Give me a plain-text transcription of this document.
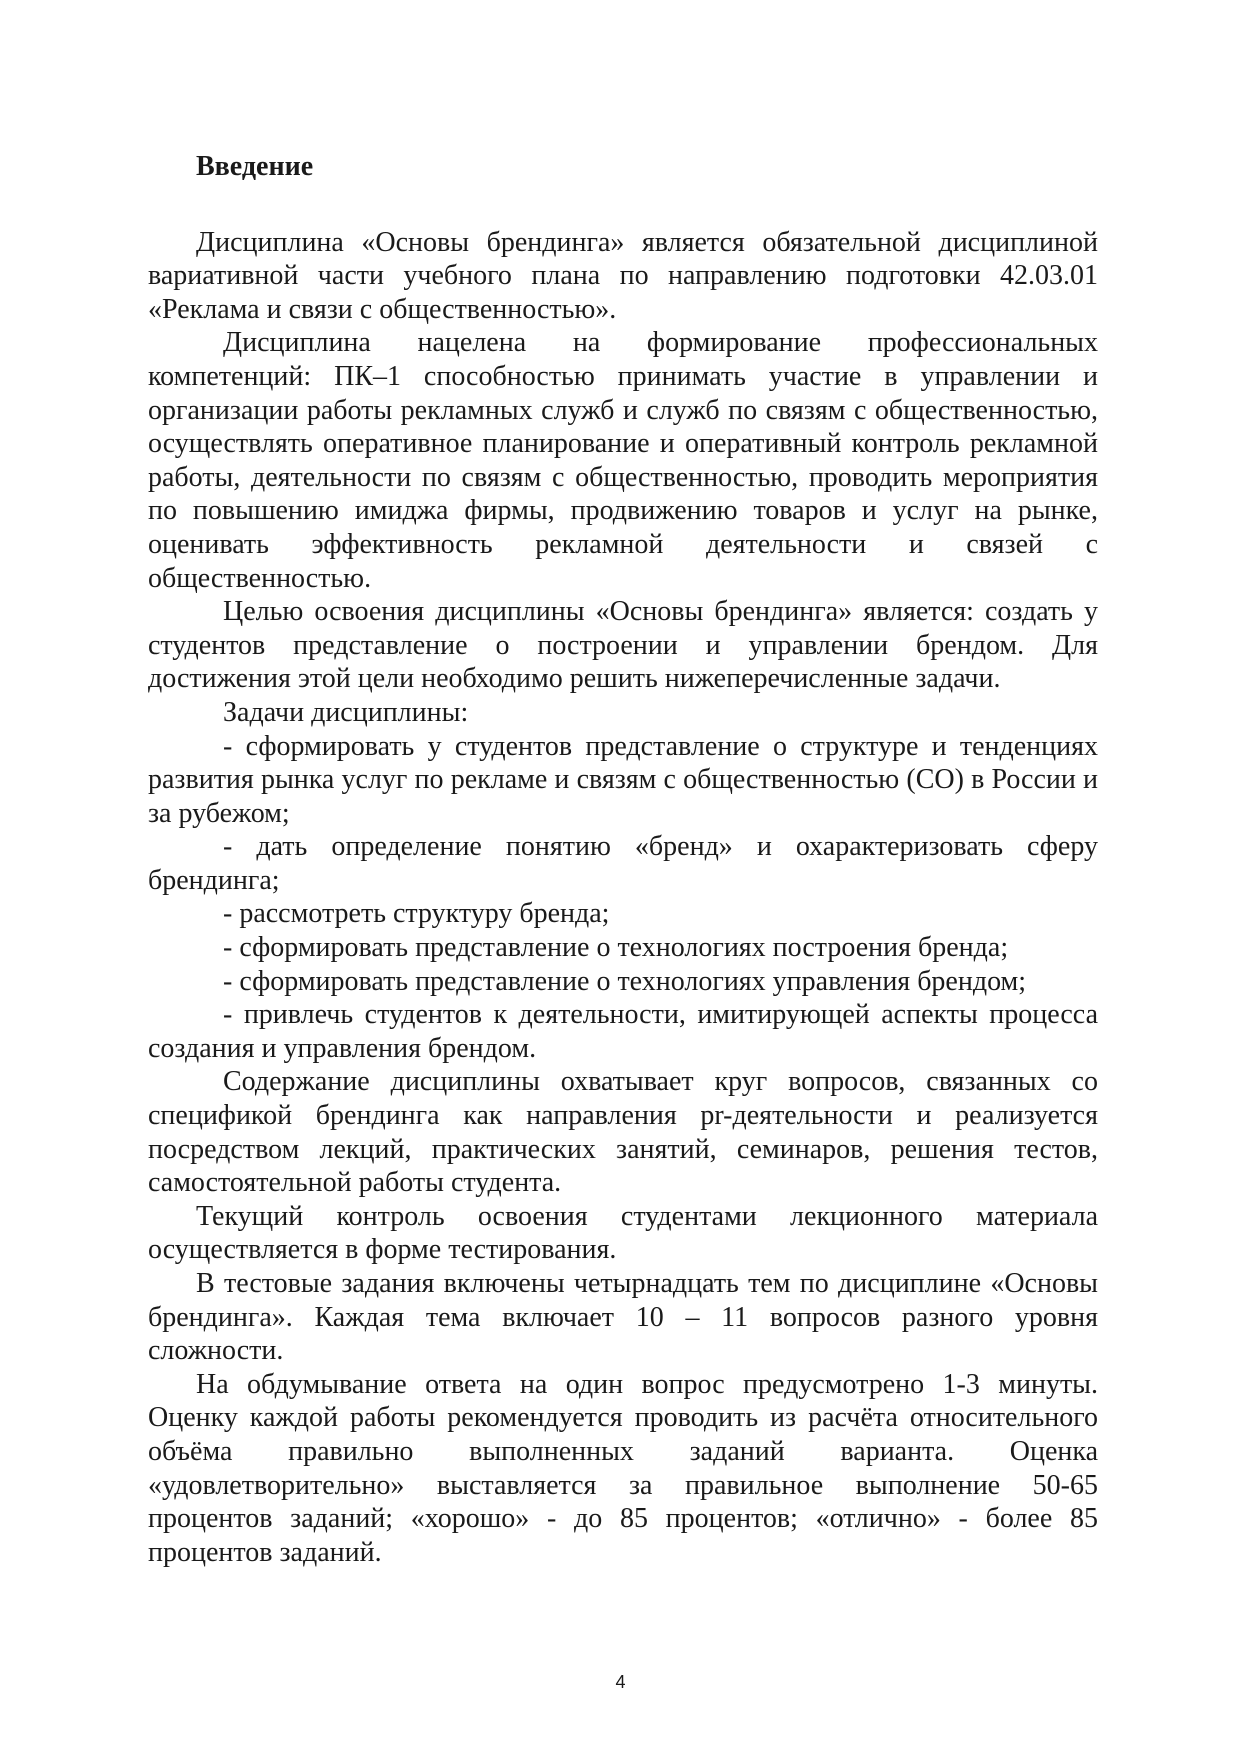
Введение

Дисциплина «Основы брендинга» является обязательной дисциплиной вариативной части учебного плана по направлению подготовки 42.03.01 «Реклама и связи с общественностью».

Дисциплина нацелена на формирование профессиональных компетенций: ПК–1 способностью принимать участие в управлении и организации работы рекламных служб и служб по связям с общественностью, осуществлять оперативное планирование и оперативный контроль рекламной работы, деятельности по связям с общественностью, проводить мероприятия по повышению имиджа фирмы, продвижению товаров и услуг на рынке, оценивать эффективность рекламной деятельности и связей с общественностью.

Целью освоения дисциплины «Основы брендинга» является: создать у студентов представление о построении и управлении брендом. Для достижения этой цели необходимо решить нижеперечисленные задачи.

Задачи дисциплины:

- сформировать у студентов представление о структуре и тенденциях развития рынка услуг по рекламе и связям с общественностью (СО) в России и за рубежом;

- дать определение понятию «бренд» и охарактеризовать сферу брендинга;

- рассмотреть структуру бренда;

- сформировать представление о технологиях построения бренда;

- сформировать представление о технологиях управления брендом;

- привлечь студентов к деятельности, имитирующей аспекты процесса создания и управления брендом.

Содержание дисциплины охватывает круг вопросов, связанных со спецификой брендинга как направления pr-деятельности и реализуется посредством лекций, практических занятий, семинаров, решения тестов, самостоятельной работы студента.

Текущий контроль освоения студентами лекционного материала осуществляется в форме тестирования.

В тестовые задания включены четырнадцать тем по дисциплине «Основы брендинга». Каждая тема включает 10 – 11 вопросов разного уровня сложности.

На обдумывание ответа на один вопрос предусмотрено 1-3 минуты. Оценку каждой работы рекомендуется проводить из расчёта относительного объёма правильно выполненных заданий варианта. Оценка «удовлетворительно» выставляется за правильное выполнение 50-65 процентов заданий; «хорошо» - до 85 процентов; «отлично» - более 85 процентов заданий.

4
